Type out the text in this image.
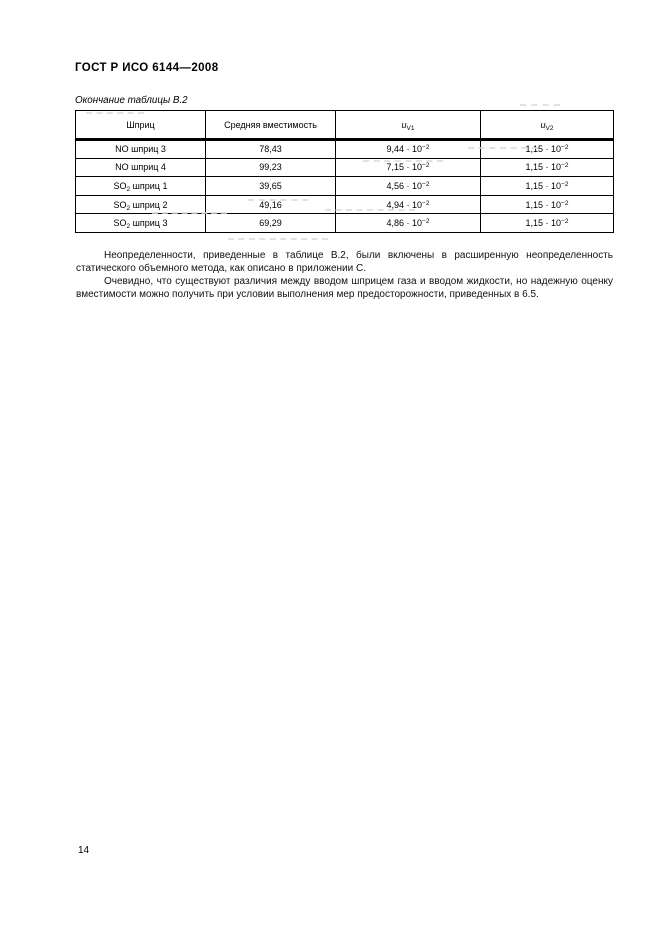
ГОСТ Р ИСО 6144—2008
Окончание таблицы В.2
Шприц	Средняя вместимость	$u_{V1}$	$u_{V2}$
NO шприц 3	78,43	$9,44 \cdot 10^{-2}$	$1,15 \cdot 10^{-2}$
NO шприц 4	99,23	$7,15 \cdot 10^{-2}$	$1,15 \cdot 10^{-2}$
$SO_2$ шприц 1	39,65	$4,56 \cdot 10^{-2}$	$1,15 \cdot 10^{-2}$
$SO_2$ шприц 2	49,16	$4,94 \cdot 10^{-2}$	$1,15 \cdot 10^{-2}$
$SO_2$ шприц 3	69,29	$4,86 \cdot 10^{-2}$	$1,15 \cdot 10^{-2}$

Неопределенности, приведенные в таблице В.2, были включены в расширенную неопределенность статического объемного метода, как описано в приложении С.

Очевидно, что существуют различия между вводом шприцем газа и вводом жидкости, но надежную оценку вместимости можно получить при условии выполнения мер предосторожности, приведенных в 6.5.

14
